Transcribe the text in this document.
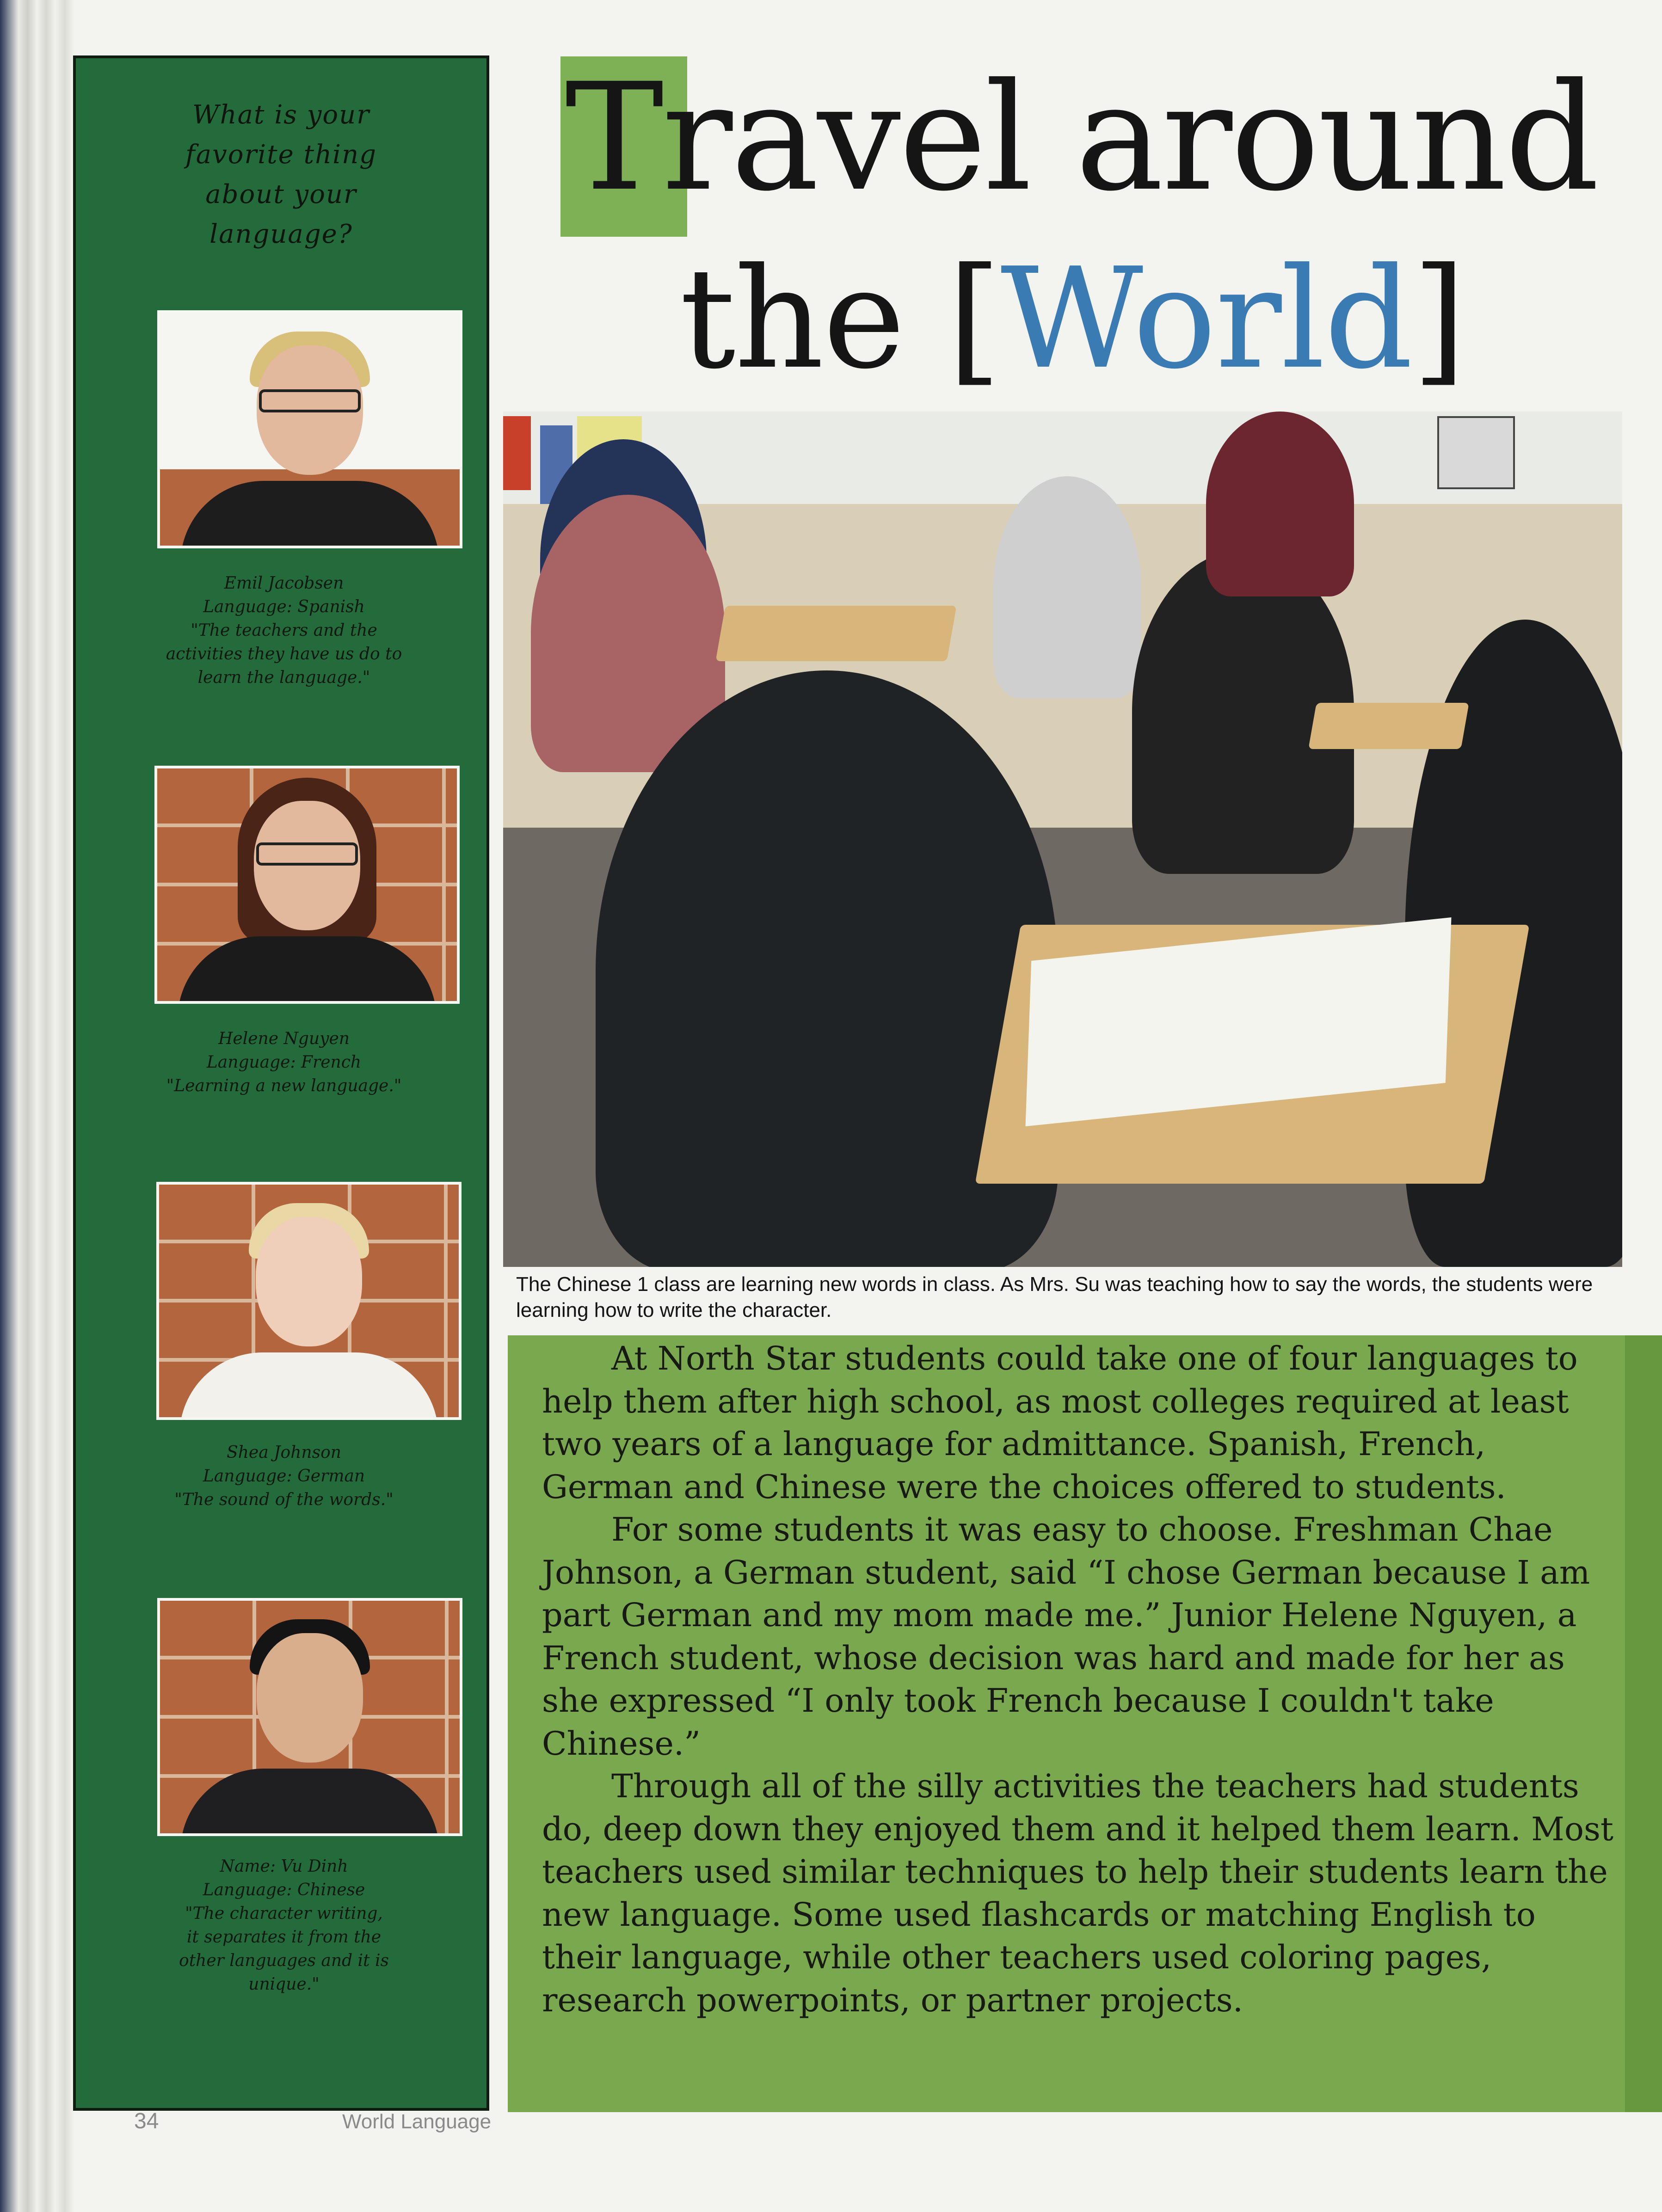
What is your
favorite thing
about your
language?
Emil Jacobsen
Language: Spanish
"The teachers and the
activities they have us do to
learn the language."
Helene Nguyen
Language: French
"Learning a new language."
Shea Johnson
Language: German
"The sound of the words."
Name: Vu Dinh
Language: Chinese
"The character writing,
it separates it from the
other languages and it is
unique."
Travel around
the [World]
The Chinese 1 class are learning new words in class. As Mrs. Su was teaching how to say the words, the students were learning how to write the character.

At North Star students could take one of four languages to help them after high school, as most colleges required at least two years of a language for admittance. Spanish, French, German and Chinese were the choices offered to students.

For some students it was easy to choose. Freshman Chae Johnson, a German student, said “I chose German because I am part German and my mom made me.” Junior Helene Nguyen, a French student, whose decision was hard and made for her as she expressed “I only took French because I couldn't take Chinese.”

Through all of the silly activities the teachers had students do, deep down they enjoyed them and it helped them learn. Most teachers used similar techniques to help their students learn the new language. Some used flashcards or matching English to their language, while other teachers used coloring pages, research powerpoints, or partner projects.

34	World Language
